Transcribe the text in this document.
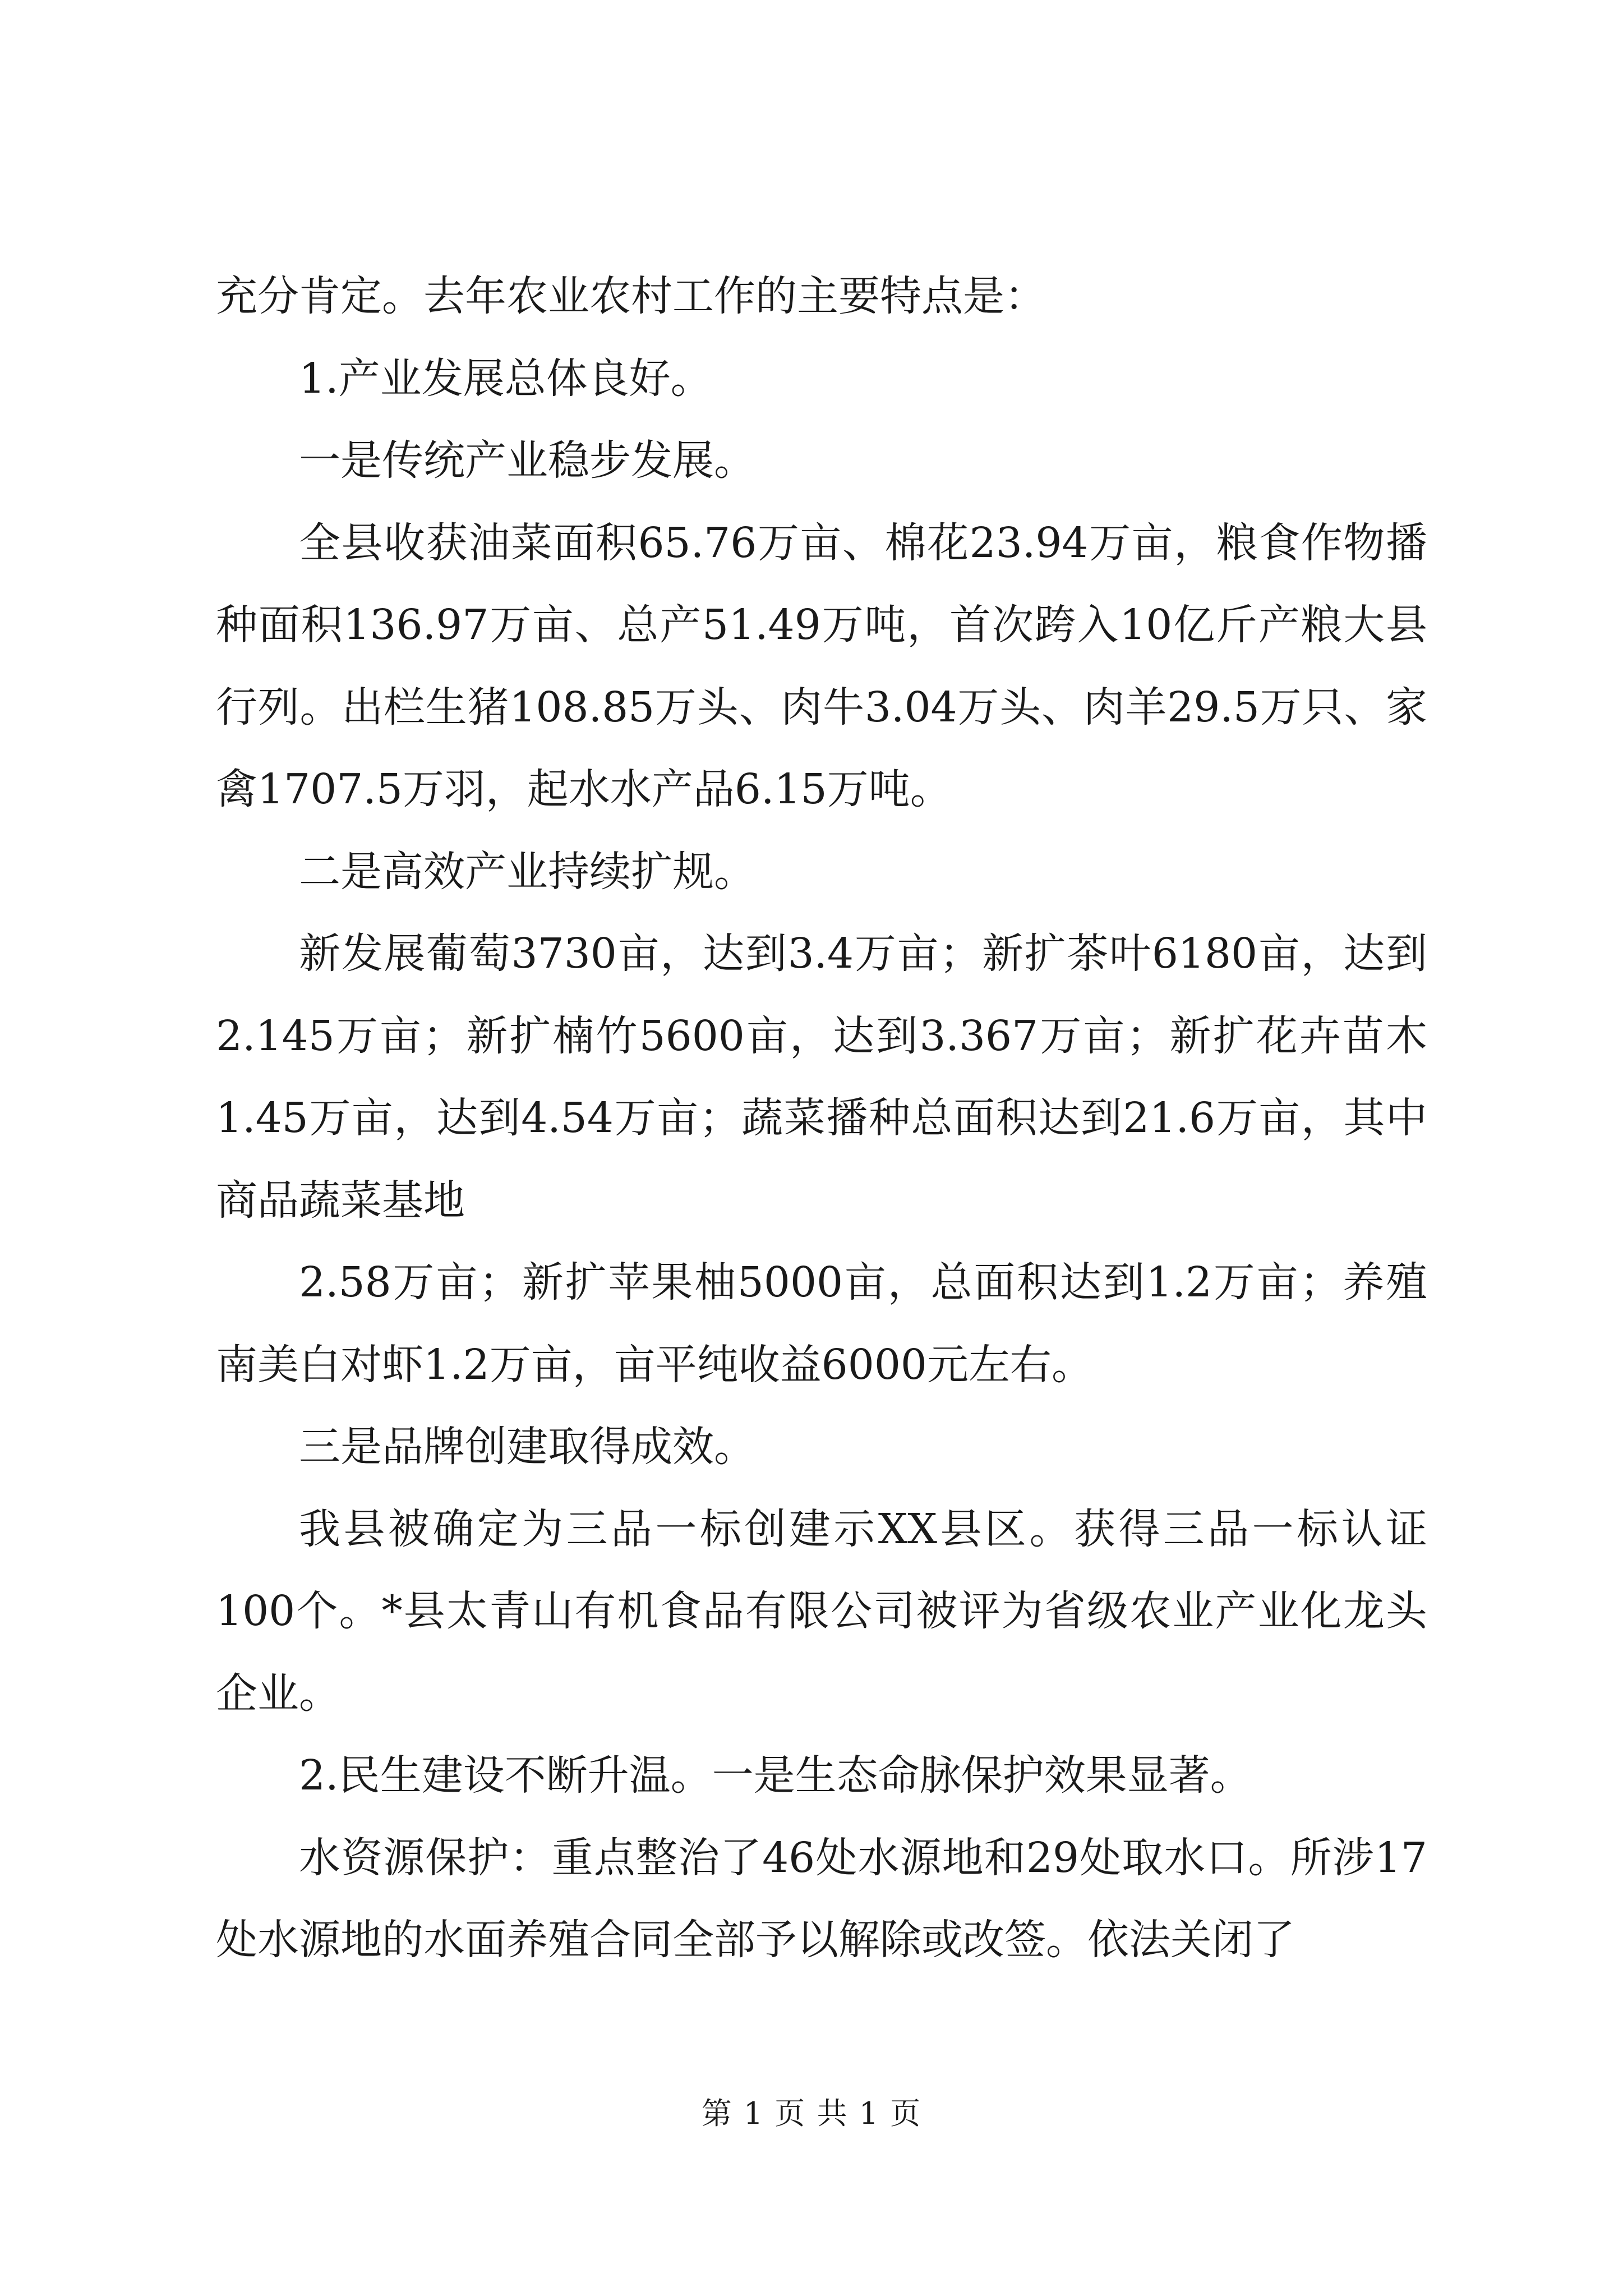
充分肯定。去年农业农村工作的主要特点是：

1.产业发展总体良好。

一是传统产业稳步发展。

全县收获油菜面积65.76万亩、棉花23.94万亩，粮食作物播种面积136.97万亩、总产51.49万吨，首次跨入10亿斤产粮大县行列。出栏生猪108.85万头、肉牛3.04万头、肉羊29.5万只、家禽1707.5万羽，起水水产品6.15万吨。

二是高效产业持续扩规。

新发展葡萄3730亩，达到3.4万亩；新扩茶叶6180亩，达到2.145万亩；新扩楠竹5600亩，达到3.367万亩；新扩花卉苗木1.45万亩，达到4.54万亩；蔬菜播种总面积达到21.6万亩，其中商品蔬菜基地

2.58万亩；新扩苹果柚5000亩，总面积达到1.2万亩；养殖南美白对虾1.2万亩，亩平纯收益6000元左右。

三是品牌创建取得成效。

我县被确定为三品一标创建示XX县区。获得三品一标认证100个。*县太青山有机食品有限公司被评为省级农业产业化龙头企业。

2.民生建设不断升温。一是生态命脉保护效果显著。

水资源保护：重点整治了46处水源地和29处取水口。所涉17处水源地的水面养殖合同全部予以解除或改签。依法关闭了

第 1 页 共 1 页
